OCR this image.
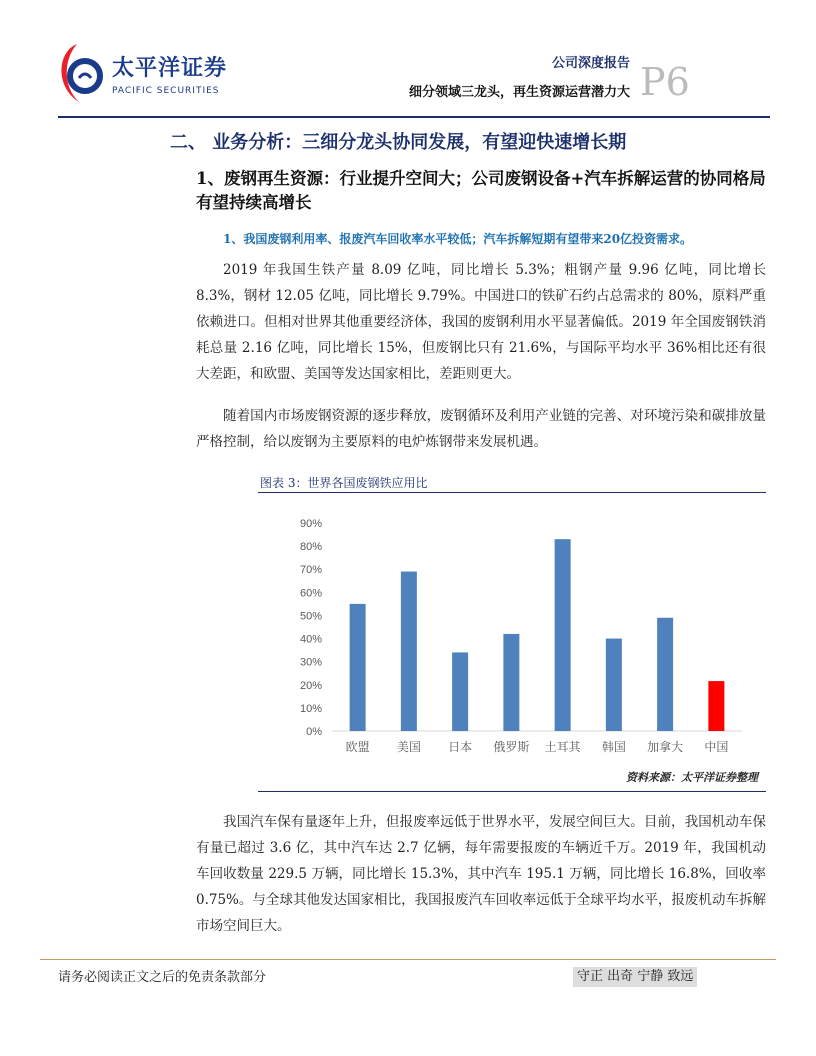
太平洋证券
PACIFIC SECURITIES
公司深度报告
细分领域三龙头，再生资源运营潜力大 P6
二、 业务分析：三细分龙头协同发展，有望迎快速增长期
1、废钢再生资源：行业提升空间大；公司废钢设备+汽车拆解运营的协同格局有望持续高增长
1、我国废钢利用率、报废汽车回收率水平较低；汽车拆解短期有望带来20亿投资需求。
2019 年我国生铁产量 8.09 亿吨，同比增长 5.3%；粗钢产量 9.96 亿吨，同比增长 8.3%，钢材 12.05 亿吨，同比增长 9.79%。中国进口的铁矿石约占总需求的 80%，原料严重依赖进口。但相对世界其他重要经济体，我国的废钢利用水平显著偏低。2019 年全国废钢铁消耗总量 2.16 亿吨，同比增长 15%，但废钢比只有 21.6%，与国际平均水平 36%相比还有很大差距，和欧盟、美国等发达国家相比，差距则更大。
随着国内市场废钢资源的逐步释放，废钢循环及利用产业链的完善、对环境污染和碳排放量严格控制，给以废钢为主要原料的电炉炼钢带来发展机遇。
图表 3：世界各国废钢铁应用比
0%
10%
20%
30%
40%
50%
60%
70%
80%
90%
欧盟 美国 日本 俄罗斯 土耳其 韩国 加拿大 中国
资料来源：太平洋证券整理
我国汽车保有量逐年上升，但报废率远低于世界水平，发展空间巨大。目前，我国机动车保有量已超过 3.6 亿，其中汽车达 2.7 亿辆，每年需要报废的车辆近千万。2019 年，我国机动车回收数量 229.5 万辆，同比增长 15.3%，其中汽车 195.1 万辆，同比增长 16.8%，回收率 0.75%。与全球其他发达国家相比，我国报废汽车回收率远低于全球平均水平，报废机动车拆解市场空间巨大。
请务必阅读正文之后的免责条款部分	守正 出奇 宁静 致远
